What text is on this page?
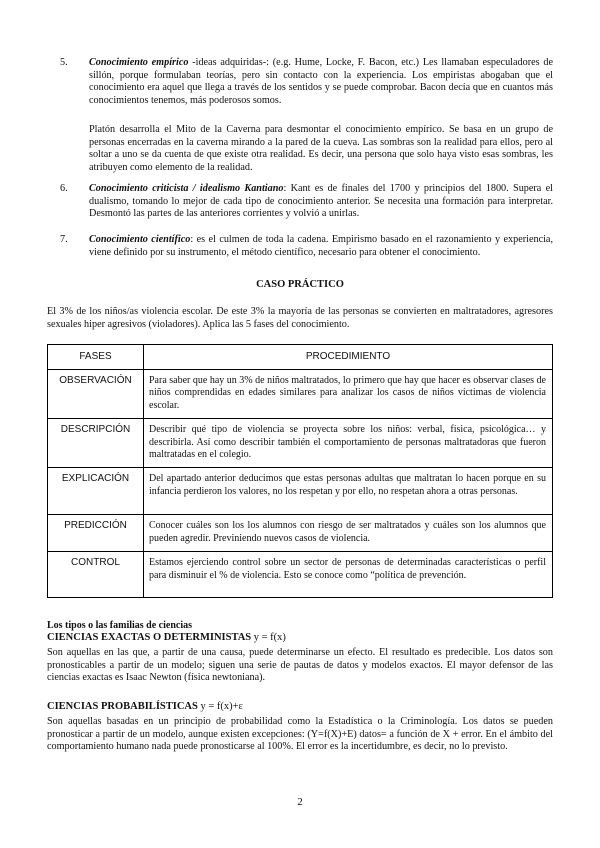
5. Conocimiento empírico -ideas adquiridas-: (e.g. Hume, Locke, F. Bacon, etc.) Les llamaban especuladores de sillón, porque formulaban teorías, pero sin contacto con la experiencia. Los empiristas abogaban que el conocimiento era aquel que llega a través de los sentidos y se puede comprobar. Bacon decía que en cuantos más conocimientos tenemos, más poderosos somos.

Platón desarrolla el Mito de la Caverna para desmontar el conocimiento empírico. Se basa en un grupo de personas encerradas en la caverna mirando a la pared de la cueva. Las sombras son la realidad para ellos, pero al soltar a uno se da cuenta de que existe otra realidad. Es decir, una persona que solo haya visto esas sombras, les atribuyen como elemento de la realidad.

6. Conocimiento criticista / idealismo Kantiano: Kant es de finales del 1700 y principios del 1800. Supera el dualismo, tomando lo mejor de cada tipo de conocimiento anterior. Se necesita una formación para interpretar. Desmontó las partes de las anteriores corrientes y volvió a unirlas.
7. Conocimiento científico: es el culmen de toda la cadena. Empirismo basado en el razonamiento y experiencia, viene definido por su instrumento, el método científico, necesario para obtener el conocimiento.
CASO PRÁCTICO

El 3% de los niños/as violencia escolar. De este 3% la mayoría de las personas se convierten en maltratadores, agresores sexuales hiper agresivos (violadores). Aplica las 5 fases del conocimiento.

FASES	PROCEDIMIENTO
OBSERVACIÓN	Para saber que hay un 3% de niños maltratados, lo primero que hay que hacer es observar clases de niños comprendidas en edades similares para analizar los casos de niños víctimas de violencia escolar.
DESCRIPCIÓN	Describir qué tipo de violencia se proyecta sobre los niños: verbal, física, psicológica… y describirla. Así como describir también el comportamiento de personas maltratadoras que fueron maltratadas en el colegio.
EXPLICACIÓN	Del apartado anterior deducimos que estas personas adultas que maltratan lo hacen porque en su infancia perdieron los valores, no los respetan y por ello, no respetan ahora a otras personas.
PREDICCIÓN	Conocer cuáles son los los alumnos con riesgo de ser maltratados y cuáles son los alumnos que pueden agredir. Previniendo nuevos casos de violencia.
CONTROL	Estamos ejerciendo control sobre un sector de personas de determinadas características o perfil para disminuir el % de violencia. Esto se conoce como “política de prevención.
Los tipos o las familias de ciencias
CIENCIAS EXACTAS O DETERMINISTAS y = f(x)

Son aquellas en las que, a partir de una causa, puede determinarse un efecto. El resultado es predecible. Los datos son pronosticables a partir de un modelo; siguen una serie de pautas de datos y modelos exactos. El mayor defensor de las ciencias exactas es Isaac Newton (física newtoniana).

CIENCIAS PROBABILÍSTICAS y = f(x)+ε

Son aquellas basadas en un principio de probabilidad como la Estadística o la Criminología. Los datos se pueden pronosticar a partir de un modelo, aunque existen excepciones: (Y=f(X)+E) datos= a función de X + error. En el ámbito del comportamiento humano nada puede pronosticarse al 100%. El error es la incertidumbre, es decir, no lo previsto.

2
